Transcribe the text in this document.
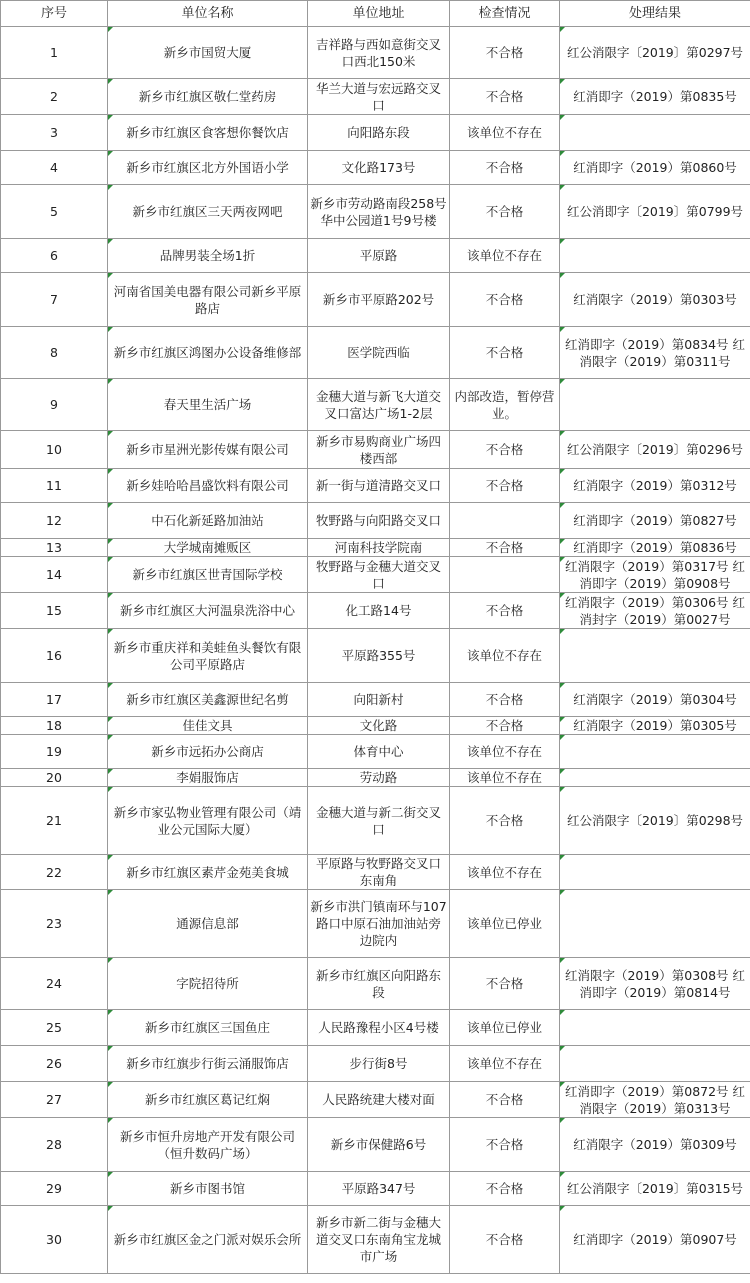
序号	单位名称	单位地址	检查情况	处理结果
1	新乡市国贸大厦	吉祥路与西如意街交叉口西北150米	不合格	红公消限字〔2019〕第0297号
2	新乡市红旗区敬仁堂药房	华兰大道与宏远路交叉口	不合格	红消即字（2019）第0835号
3	新乡市红旗区食客想你餐饮店	向阳路东段	该单位不存在	
4	新乡市红旗区北方外国语小学	文化路173号	不合格	红消即字（2019）第0860号
5	新乡市红旗区三天两夜网吧	新乡市劳动路南段258号华中公园道1号9号楼	不合格	红公消即字〔2019〕第0799号
6	品牌男装全场1折	平原路	该单位不存在	
7	河南省国美电器有限公司新乡平原路店	新乡市平原路202号	不合格	红消限字（2019）第0303号
8	新乡市红旗区鸿图办公设备维修部	医学院西临	不合格	红消即字（2019）第0834号 红消限字（2019）第0311号
9	春天里生活广场	金穗大道与新飞大道交叉口富达广场1-2层	内部改造，暂停营业。	
10	新乡市星洲光影传媒有限公司	新乡市易购商业广场四楼西部	不合格	红公消限字〔2019〕第0296号
11	新乡娃哈哈昌盛饮料有限公司	新一街与道清路交叉口	不合格	红消限字（2019）第0312号
12	中石化新延路加油站	牧野路与向阳路交叉口		红消即字（2019）第0827号
13	大学城南摊贩区	河南科技学院南	不合格	红消即字（2019）第0836号
14	新乡市红旗区世青国际学校	牧野路与金穗大道交叉口		红消限字（2019）第0317号 红消即字（2019）第0908号
15	新乡市红旗区大河温泉洗浴中心	化工路14号	不合格	红消限字（2019）第0306号 红消封字（2019）第0027号
16	新乡市重庆祥和美蛙鱼头餐饮有限公司平原路店	平原路355号	该单位不存在	
17	新乡市红旗区美鑫源世纪名剪	向阳新村	不合格	红消限字（2019）第0304号
18	佳佳文具	文化路	不合格	红消限字（2019）第0305号
19	新乡市远拓办公商店	体育中心	该单位不存在	
20	李娟服饰店	劳动路	该单位不存在	
21	新乡市家弘物业管理有限公司（靖业公元国际大厦）	金穗大道与新二街交叉口	不合格	红公消限字〔2019〕第0298号
22	新乡市红旗区素芹金苑美食城	平原路与牧野路交叉口东南角	该单位不存在	
23	通源信息部	新乡市洪门镇南环与107路口中原石油加油站旁边院内	该单位已停业	
24	字院招待所	新乡市红旗区向阳路东段	不合格	红消限字（2019）第0308号 红消即字（2019）第0814号
25	新乡市红旗区三国鱼庄	人民路豫程小区4号楼	该单位已停业	
26	新乡市红旗步行街云涌服饰店	步行街8号	该单位不存在	
27	新乡市红旗区葛记红焖	人民路统建大楼对面	不合格	红消即字（2019）第0872号 红消限字（2019）第0313号
28	新乡市恒升房地产开发有限公司（恒升数码广场）	新乡市保健路6号	不合格	红消限字（2019）第0309号
29	新乡市图书馆	平原路347号	不合格	红公消限字〔2019〕第0315号
30	新乡市红旗区金之门派对娱乐会所	新乡市新二街与金穗大道交叉口东南角宝龙城市广场	不合格	红消即字（2019）第0907号
